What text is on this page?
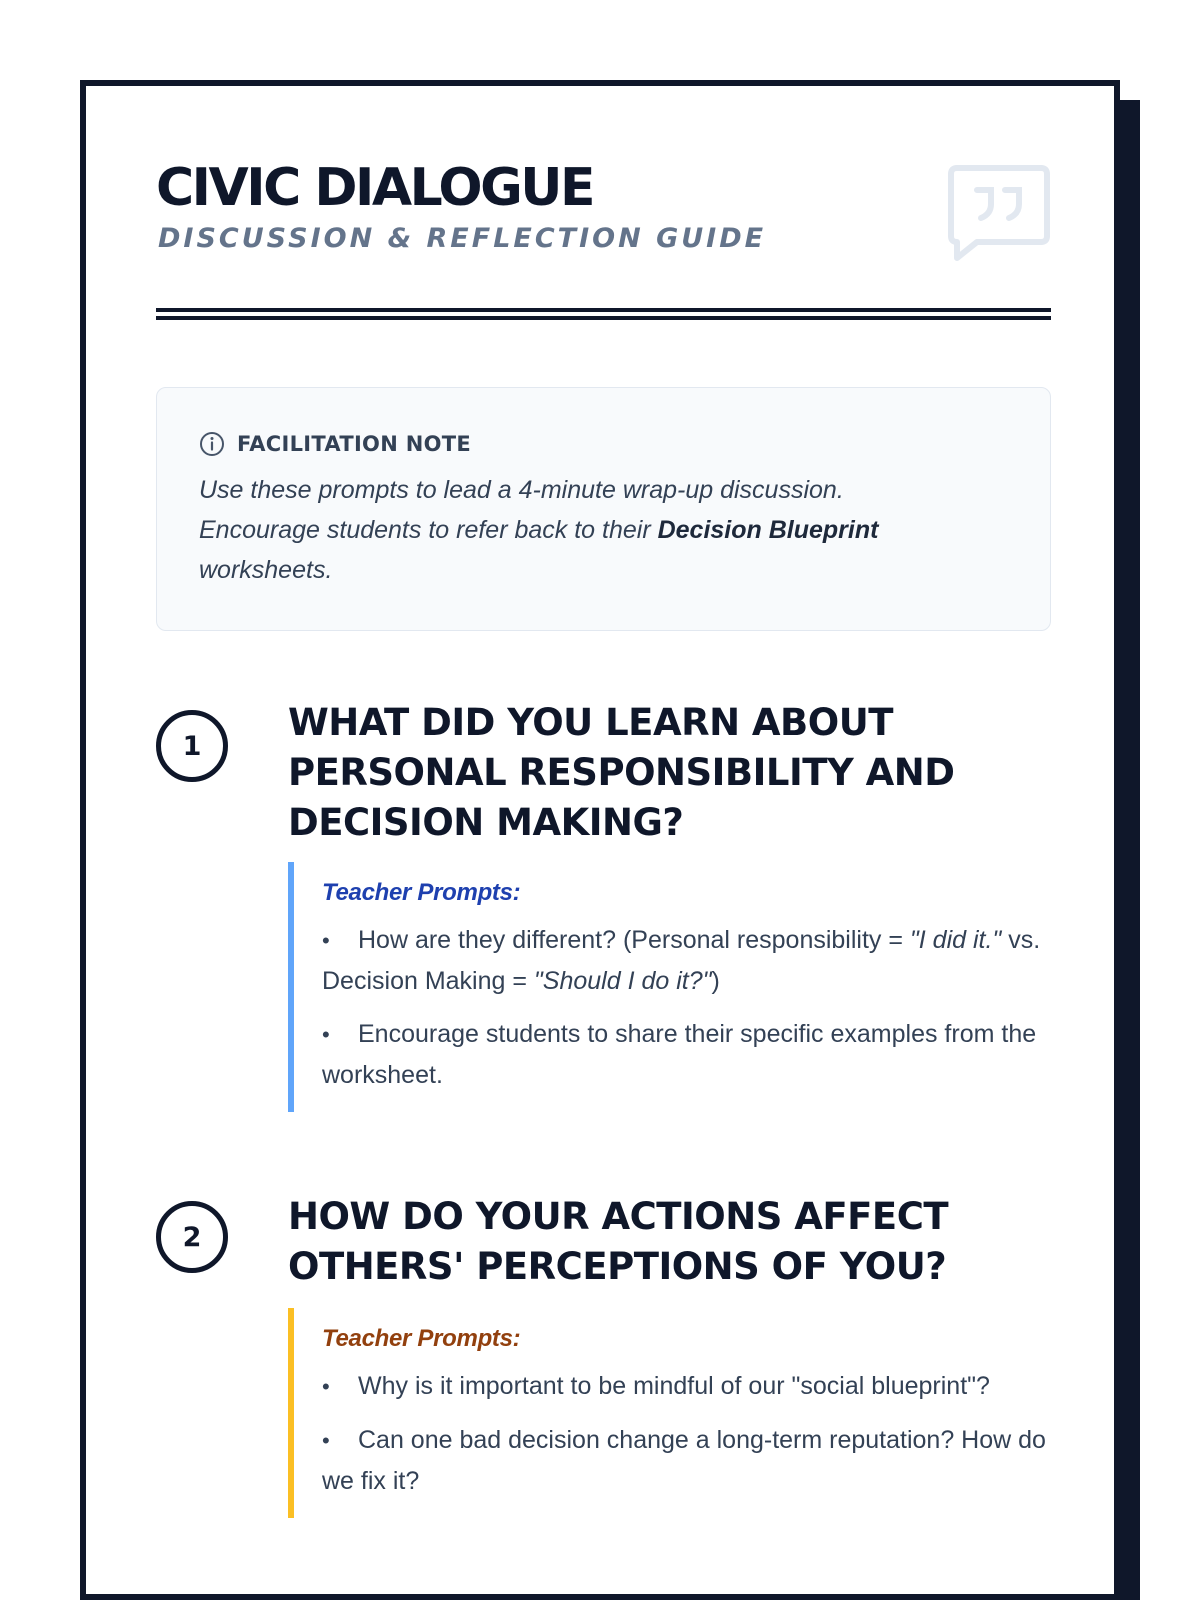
CIVIC DIALOGUE
DISCUSSION & REFLECTION GUIDE
FACILITATION NOTE
Use these prompts to lead a 4-minute wrap-up discussion. Encourage students to refer back to their Decision Blueprint worksheets.
1
WHAT DID YOU LEARN ABOUT PERSONAL RESPONSIBILITY AND DECISION MAKING?
Teacher Prompts:
• How are they different? (Personal responsibility = "I did it." vs. Decision Making = "Should I do it?")
• Encourage students to share their specific examples from the worksheet.
2	HOW DO YOUR ACTIONS AFFECT OTHERS' PERCEPTIONS OF YOU?
Teacher Prompts:
• Why is it important to be mindful of our "social blueprint"?
• Can one bad decision change a long-term reputation? How do we fix it?
